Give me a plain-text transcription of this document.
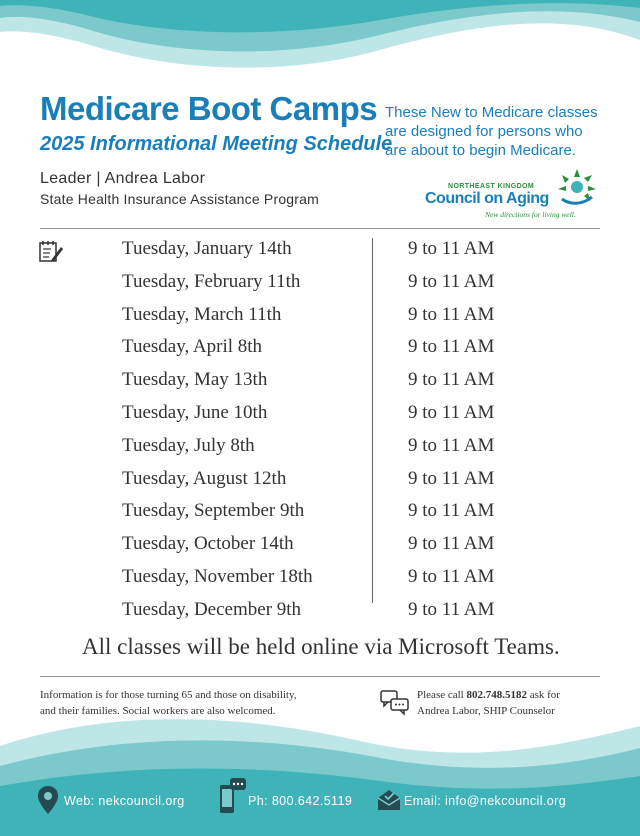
Medicare Boot Camps
2025 Informational Meeting Schedule
These New to Medicare classes
are designed for persons who
are about to begin Medicare.
Leader | Andrea Labor
State Health Insurance Assistance Program
NORTHEAST KINGDOM
Council on Aging
New directions for living well.
Tuesday, January 14th	9 to 11 AM
Tuesday, February 11th	9 to 11 AM
Tuesday, March 11th	9 to 11 AM
Tuesday, April 8th	9 to 11 AM
Tuesday, May 13th	9 to 11 AM
Tuesday, June 10th	9 to 11 AM
Tuesday, July 8th	9 to 11 AM
Tuesday, August 12th	9 to 11 AM
Tuesday, September 9th	9 to 11 AM
Tuesday, October 14th	9 to 11 AM
Tuesday, November 18th	9 to 11 AM
Tuesday, December 9th	9 to 11 AM
All classes will be held online via Microsoft Teams.
Information is for those turning 65 and those on disability,
and their families. Social workers are also welcomed.
Please call 802.748.5182 ask for
Andrea Labor, SHIP Counselor
Web: nekcouncil.org	Ph: 800.642.5119	Email: info@nekcouncil.org
